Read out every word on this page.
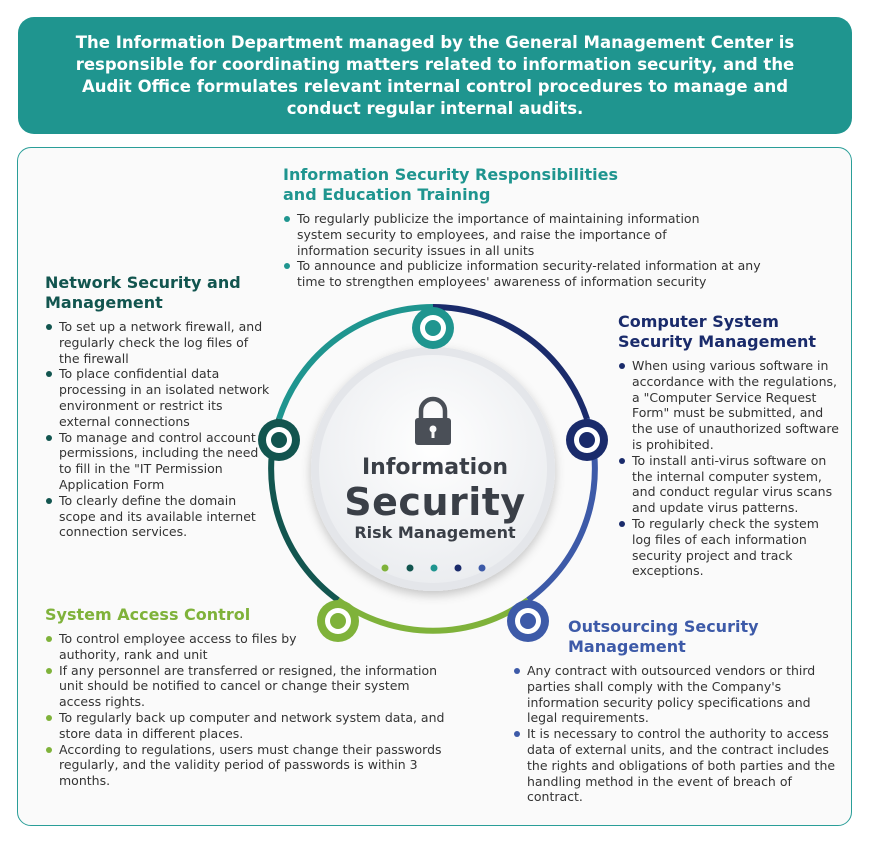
The Information Department managed by the General Management Center is responsible for coordinating matters related to information security, and the Audit Office formulates relevant internal control procedures to manage and conduct regular internal audits.
Information
Security
Risk Management
Information Security Responsibilities
and Education Training
To regularly publicize the importance of maintaining information system security to employees, and raise the importance of information security issues in all units
To announce and publicize information security-related information at any time to strengthen employees' awareness of information security
Network Security and
Management
To set up a network firewall, and regularly check the log files of the firewall
To place confidential data processing in an isolated network environment or restrict its external connections
To manage and control account permissions, including the need to fill in the "IT Permission Application Form
To clearly define the domain scope and its available internet connection services.
Computer System
Security Management
When using various software in accordance with the regulations, a "Computer Service Request Form" must be submitted, and the use of unauthorized software is prohibited.
To install anti-virus software on the internal computer system, and conduct regular virus scans and update virus patterns.
To regularly check the system log files of each information security project and track exceptions.
System Access Control
To control employee access to files by authority, rank and unit
If any personnel are transferred or resigned, the information unit should be notified to cancel or change their system access rights.
To regularly back up computer and network system data, and store data in different places.
According to regulations, users must change their passwords regularly, and the validity period of passwords is within 3 months.
Outsourcing Security
Management
Any contract with outsourced vendors or third parties shall comply with the Company's information security policy specifications and legal requirements.
It is necessary to control the authority to access data of external units, and the contract includes the rights and obligations of both parties and the handling method in the event of breach of contract.
